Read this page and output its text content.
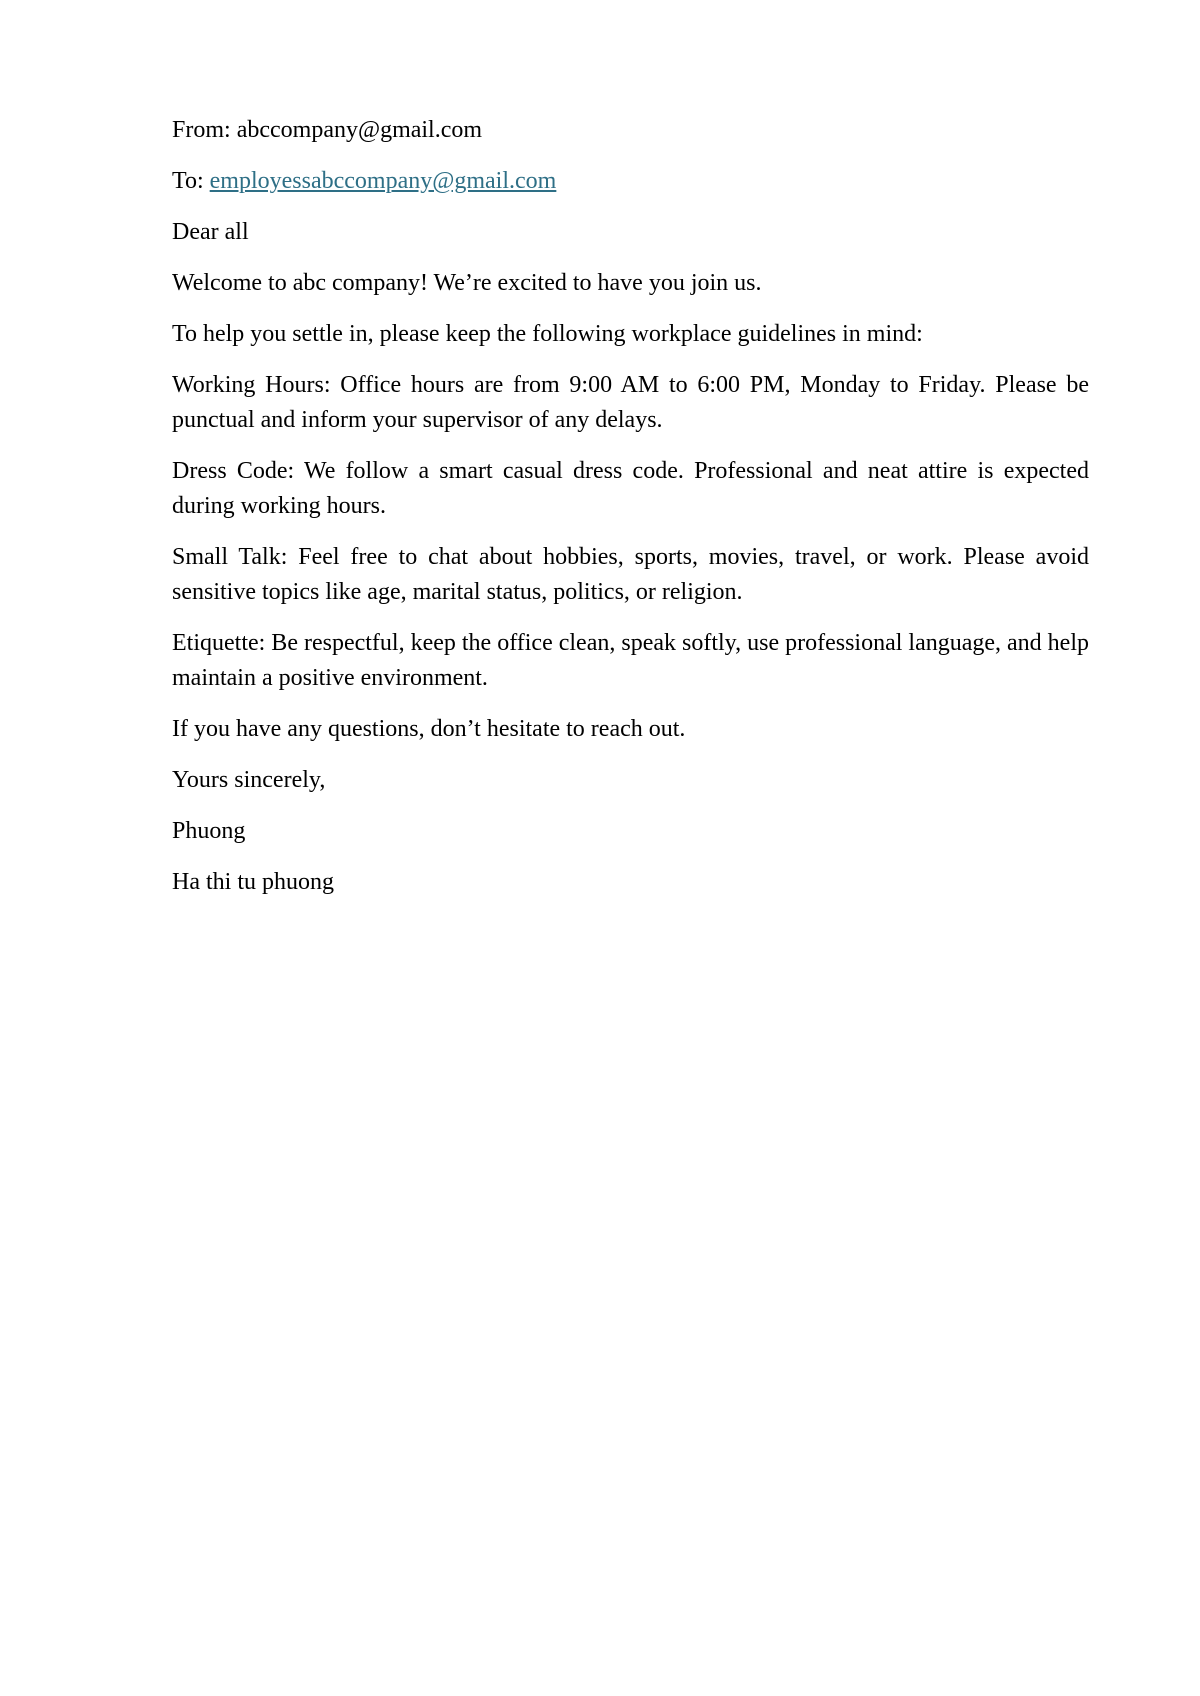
From: abccompany@gmail.com

To: employessabccompany@gmail.com

Dear all

Welcome to abc company! We’re excited to have you join us.

To help you settle in, please keep the following workplace guidelines in mind:

Working Hours: Office hours are from 9:00 AM to 6:00 PM, Monday to Friday. Please be punctual and inform your supervisor of any delays.

Dress Code: We follow a smart casual dress code. Professional and neat attire is expected during working hours.

Small Talk: Feel free to chat about hobbies, sports, movies, travel, or work. Please avoid sensitive topics like age, marital status, politics, or religion.

Etiquette: Be respectful, keep the office clean, speak softly, use professional language, and help maintain a positive environment.

If you have any questions, don’t hesitate to reach out.

Yours sincerely,

Phuong

Ha thi tu phuong
